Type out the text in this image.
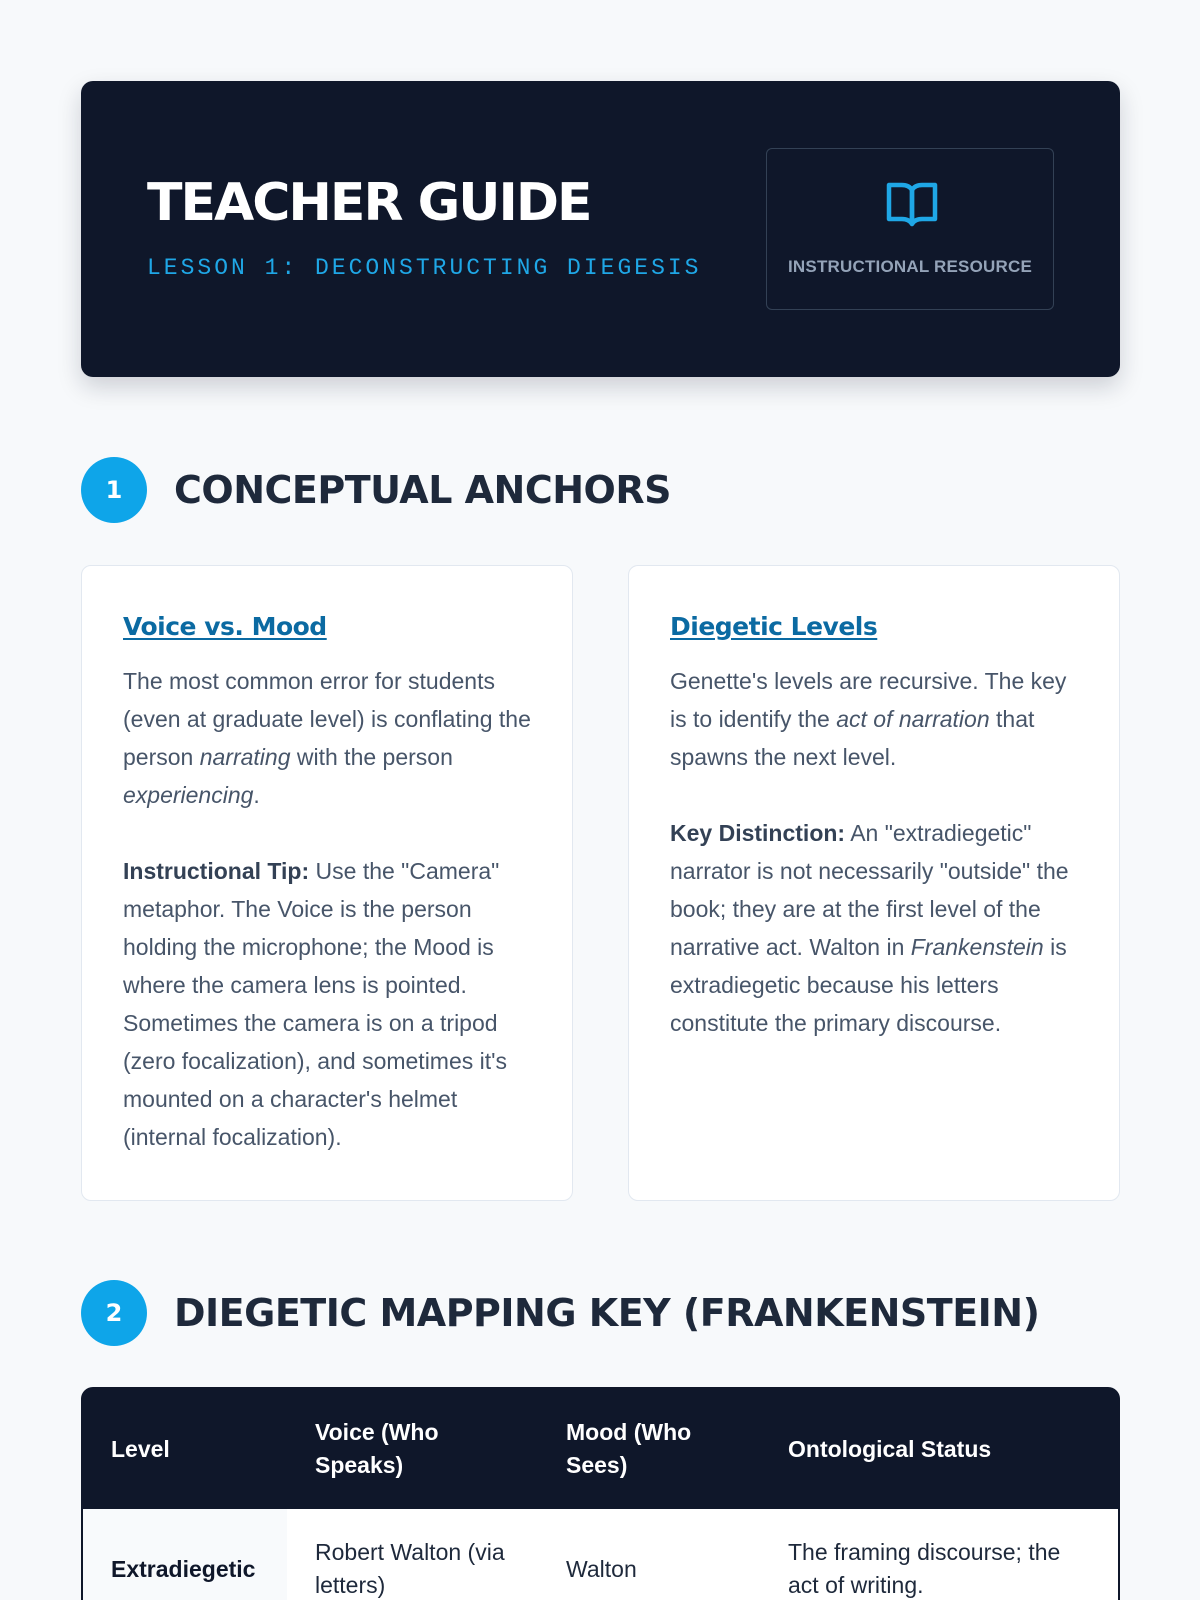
TEACHER GUIDE
LESSON 1: DECONSTRUCTING DIEGESIS	INSTRUCTIONAL RESOURCE
1	CONCEPTUAL ANCHORS
Voice vs. Mood

The most common error for students (even at graduate level) is conflating the person narrating with the person experiencing.

Instructional Tip: Use the "Camera" metaphor. The Voice is the person holding the microphone; the Mood is where the camera lens is pointed. Sometimes the camera is on a tripod (zero focalization), and sometimes it's mounted on a character's helmet (internal focalization).

Diegetic Levels

Genette's levels are recursive. The key is to identify the act of narration that spawns the next level.

Key Distinction: An "extradiegetic" narrator is not necessarily "outside" the book; they are at the first level of the narrative act. Walton in Frankenstein is extradiegetic because his letters constitute the primary discourse.

2	DIEGETIC MAPPING KEY (FRANKENSTEIN)
Level	Voice (Who Speaks)	Mood (Who Sees)	Ontological Status
Extradiegetic	Robert Walton (via letters)	Walton	The framing discourse; the act of writing.
